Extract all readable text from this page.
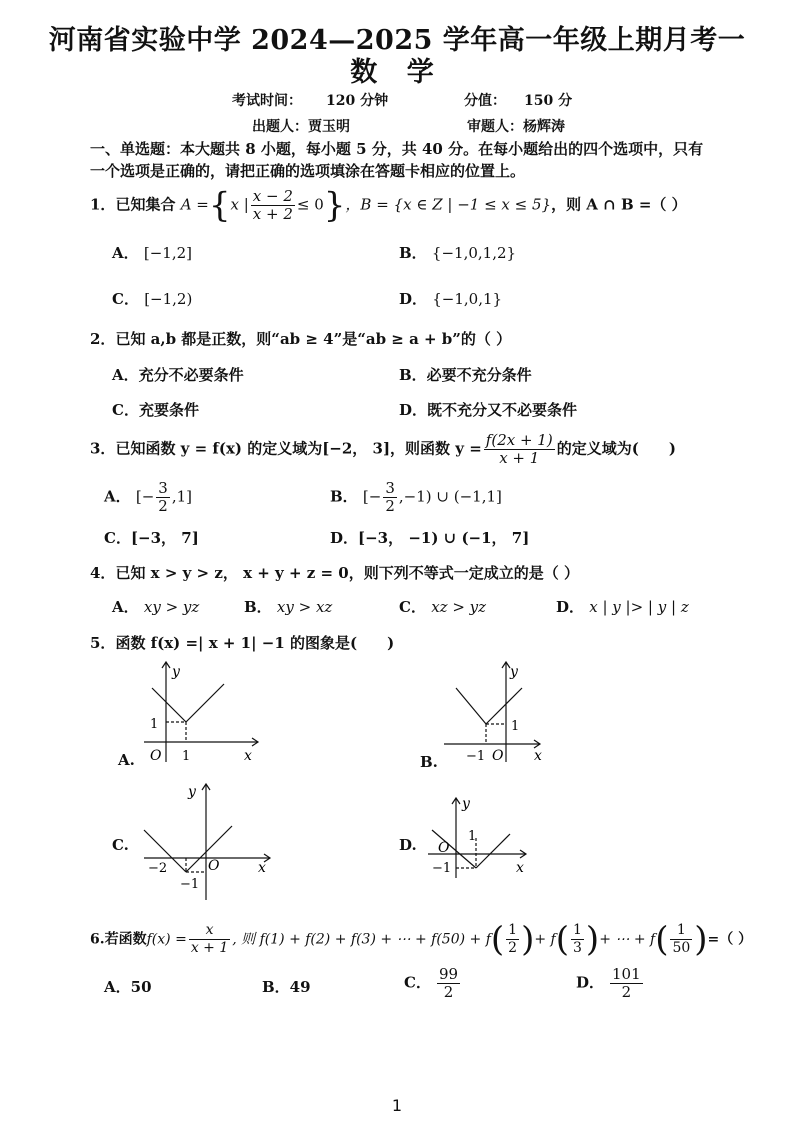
河南省实验中学 2024—2025 学年高一年级上期月考一
数 学
考试时间： 120 分钟	分值： 150 分
出题人：贾玉明	审题人：杨辉涛
一、单选题：本大题共 8 小题，每小题 5 分，共 40 分。在每小题给出的四个选项中，只有
一个选项是正确的，请把正确的选项填涂在答题卡相应的位置上。
1．已知集合 A ={x | $\frac{x - 2}{x + 2} \le 0$}，B = {x ∈ Z | −1 ≤ x ≤ 5}，则 A ∩ B =（ ）
A． [−1,2]	B． {−1,0,1,2}
C． [−1,2)	D． {−1,0,1}
2．已知 a,b 都是正数，则“ab ≥ 4”是“ab ≥ a + b”的（ ）
A．充分不必要条件	B．必要不充分条件
C．充要条件	D．既不充分又不必要条件
3．已知函数 y = f(x) 的定义域为[−2， 3]，则函数 $y = \frac{f(2x + 1)}{x + 1}$ 的定义域为(　　)
A． [− $\frac{3}{2} ,1$]	B． [− $\frac{3}{2} ,-1$) ∪ (−1,1]
C．[−3， 7]	D．[−3， −1) ∪ (−1， 7]
4．已知 x > y > z， x + y + z = 0，则下列不等式一定成立的是（ ）
A． xy > yz	B． xy > xz	C． xz > yz	D． x | y |> | y | z
5．函数 f(x) =| x + 1| −1 的图象是(　　)
A.
y
x
O
1
1	B.
y
x
O
−1
1
C.
y
x
O
−2
−1
D.
y
x
O
1
−1
6.若函数$f(x) = \frac{x}{x + 1}$ , 则 f(1) + f(2) + f(3) + ⋯ + $f(50) + f( \frac{1}{2}$ )+ $f( \frac{1}{3}$ )+ ⋯ + $f( \frac{1}{50}$ )=（ ）
A．50	B．49	C． $\frac{99}{2}$	D． $\frac{101}{2}$
1
